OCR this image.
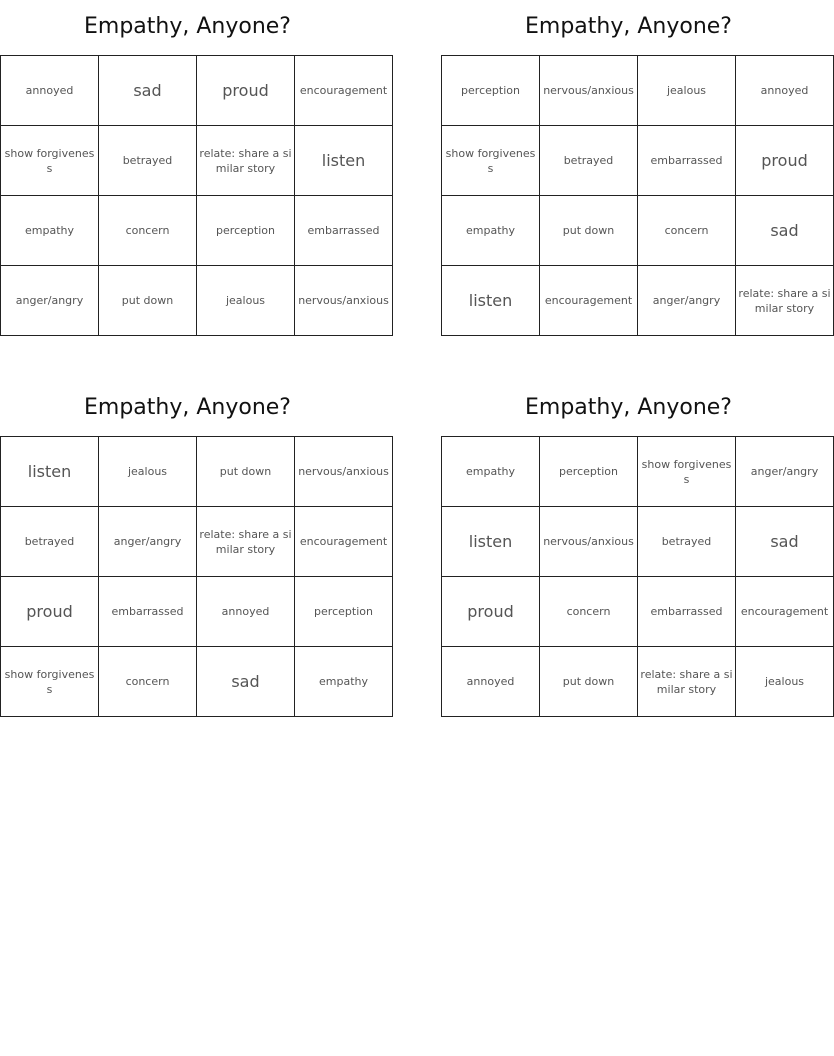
Empathy, Anyone?
annoyed	sad	proud	encouragement
show forgiveness	betrayed	relate: share a similar story	listen
empathy	concern	perception	embarrassed
anger/angry	put down	jealous	nervous/anxious
Empathy, Anyone?
perception	nervous/anxious	jealous	annoyed
show forgiveness	betrayed	embarrassed	proud
empathy	put down	concern	sad
listen	encouragement	anger/angry	relate: share a similar story
Empathy, Anyone?
listen	jealous	put down	nervous/anxious
betrayed	anger/angry	relate: share a similar story	encouragement
proud	embarrassed	annoyed	perception
show forgiveness	concern	sad	empathy
Empathy, Anyone?
empathy	perception	show forgiveness	anger/angry
listen	nervous/anxious	betrayed	sad
proud	concern	embarrassed	encouragement
annoyed	put down	relate: share a similar story	jealous
